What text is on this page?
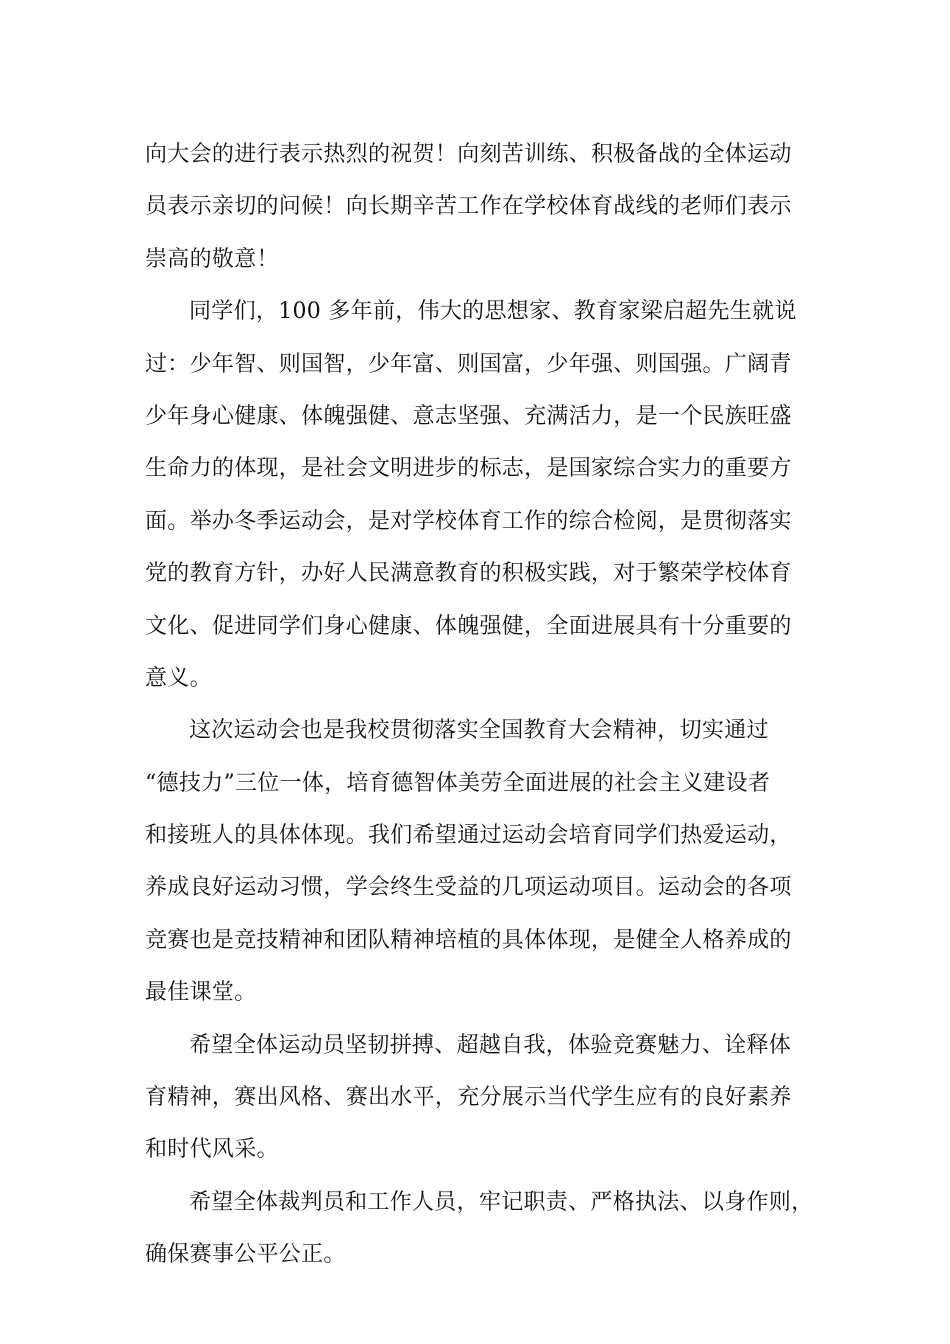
向大会的进行表示热烈的祝贺！向刻苦训练、积极备战的全体运动
员表示亲切的问候！向长期辛苦工作在学校体育战线的老师们表示
崇高的敬意！
同学们，100 多年前，伟大的思想家、教育家梁启超先生就说
过：少年智、则国智，少年富、则国富，少年强、则国强。广阔青
少年身心健康、体魄强健、意志坚强、充满活力，是一个民族旺盛
生命力的体现，是社会文明进步的标志，是国家综合实力的重要方
面。举办冬季运动会，是对学校体育工作的综合检阅，是贯彻落实
党的教育方针，办好人民满意教育的积极实践，对于繁荣学校体育
文化、促进同学们身心健康、体魄强健，全面进展具有十分重要的
意义。
这次运动会也是我校贯彻落实全国教育大会精神，切实通过
“德技力”三位一体，培育德智体美劳全面进展的社会主义建设者
和接班人的具体体现。我们希望通过运动会培育同学们热爱运动，
养成良好运动习惯，学会终生受益的几项运动项目。运动会的各项
竞赛也是竞技精神和团队精神培植的具体体现，是健全人格养成的
最佳课堂。
希望全体运动员坚韧拼搏、超越自我，体验竞赛魅力、诠释体
育精神，赛出风格、赛出水平，充分展示当代学生应有的良好素养
和时代风采。
希望全体裁判员和工作人员，牢记职责、严格执法、以身作则，
确保赛事公平公正。
